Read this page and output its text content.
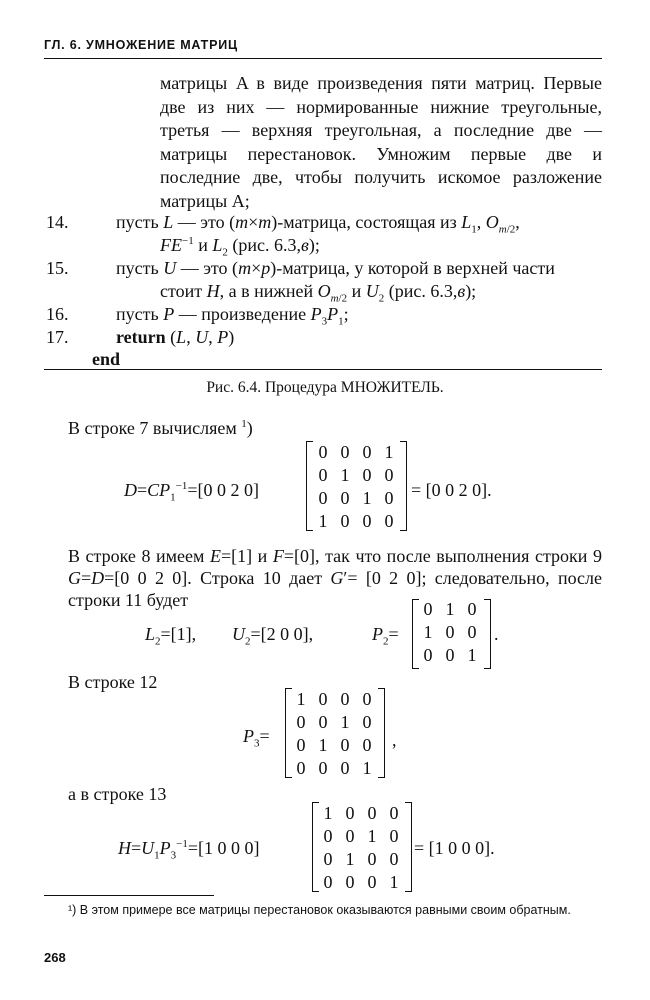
ГЛ. 6. УМНОЖЕНИЕ МАТРИЦ
матрицы A в виде произведения пяти матриц. Первые две из них — нормированные нижние треугольные, третья — верхняя треугольная, а последние две — матрицы перестановок. Умножим первые две и последние две, чтобы получить искомое разложение матрицы A;
14.	пусть L — это (m×m)-матрица, состоящая из $L_1$, $O_{m/2}$,
$FE^{-1}$ и $L_2$ (рис. 6.3,в);
15.	пусть U — это (m×p)-матрица, у которой в верхней части
стоит H, а в нижней $O_{m/2}$ и $U_2$ (рис. 6.3,в);
16.	пусть P — произведение $P_3P_1$;
17.	return (L, U, P)
end
Рис. 6.4. Процедура МНОЖИТЕЛЬ.
В строке 7 вычисляем $^1$)
$D=CP_1^{-1}=[0$ 0 2 0]
0	0	0	1
0	1	0	0
0	0	1	0
1	0	0	0
= [0 0 2 0].
В строке 8 имеем E=[1] и F=[0], так что после выполнения строки 9 G=D=[0 0 2 0]. Строка 10 дает G′= [0 2 0]; следовательно, после строки 11 будет
$L_2=[1]$, $U_2=[2$ 0 0],	$P_2=$
0	1	0
1	0	0
0	0	1
.
В строке 12
$P_3=$
1	0	0	0
0	0	1	0
0	1	0	0
0	0	0	1
,
а в строке 13
$H=U_1P_3^{-1}=[1$ 0 0 0]
1	0	0	0
0	0	1	0
0	1	0	0
0	0	0	1
= [1 0 0 0].
¹) В этом примере все матрицы перестановок оказываются равными своим обратным.
268
